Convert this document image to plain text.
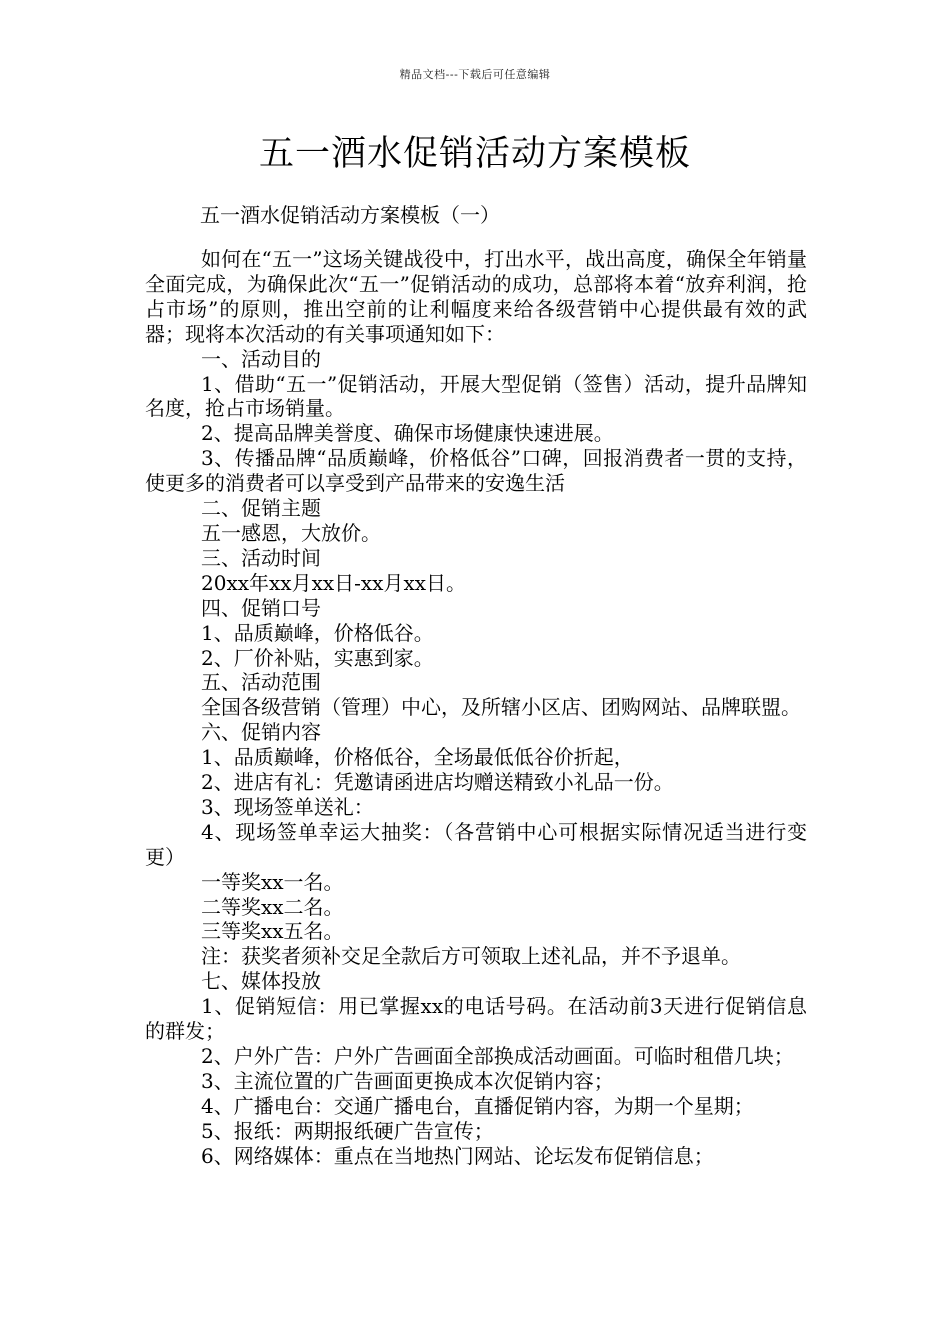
精品文档---下载后可任意编辑
五一酒水促销活动方案模板

五一酒水促销活动方案模板（一）

如何在“五一”这场关键战役中，打出水平，战出高度，确保全年销量全面完成，为确保此次“五一”促销活动的成功，总部将本着“放弃利润，抢占市场”的原则，推出空前的让利幅度来给各级营销中心提供最有效的武器；现将本次活动的有关事项通知如下：

一、活动目的

1、借助“五一”促销活动，开展大型促销（签售）活动，提升品牌知名度，抢占市场销量。

2、提高品牌美誉度、确保市场健康快速进展。

3、传播品牌“品质巅峰，价格低谷”口碑，回报消费者一贯的支持，使更多的消费者可以享受到产品带来的安逸生活

二、促销主题

五一感恩，大放价。

三、活动时间

20xx年xx月xx日-xx月xx日。

四、促销口号

1、品质巅峰，价格低谷。

2、厂价补贴，实惠到家。

五、活动范围

全国各级营销（管理）中心，及所辖小区店、团购网站、品牌联盟。

六、促销内容

1、品质巅峰，价格低谷，全场最低低谷价折起，

2、进店有礼：凭邀请函进店均赠送精致小礼品一份。

3、现场签单送礼：

4、现场签单幸运大抽奖：（各营销中心可根据实际情况适当进行变更）

一等奖xx一名。

二等奖xx二名。

三等奖xx五名。

注：获奖者须补交足全款后方可领取上述礼品，并不予退单。

七、媒体投放

1、促销短信：用已掌握xx的电话号码。在活动前3天进行促销信息的群发；

2、户外广告：户外广告画面全部换成活动画面。可临时租借几块；

3、主流位置的广告画面更换成本次促销内容；

4、广播电台：交通广播电台，直播促销内容，为期一个星期；

5、报纸：两期报纸硬广告宣传；

6、网络媒体：重点在当地热门网站、论坛发布促销信息；
